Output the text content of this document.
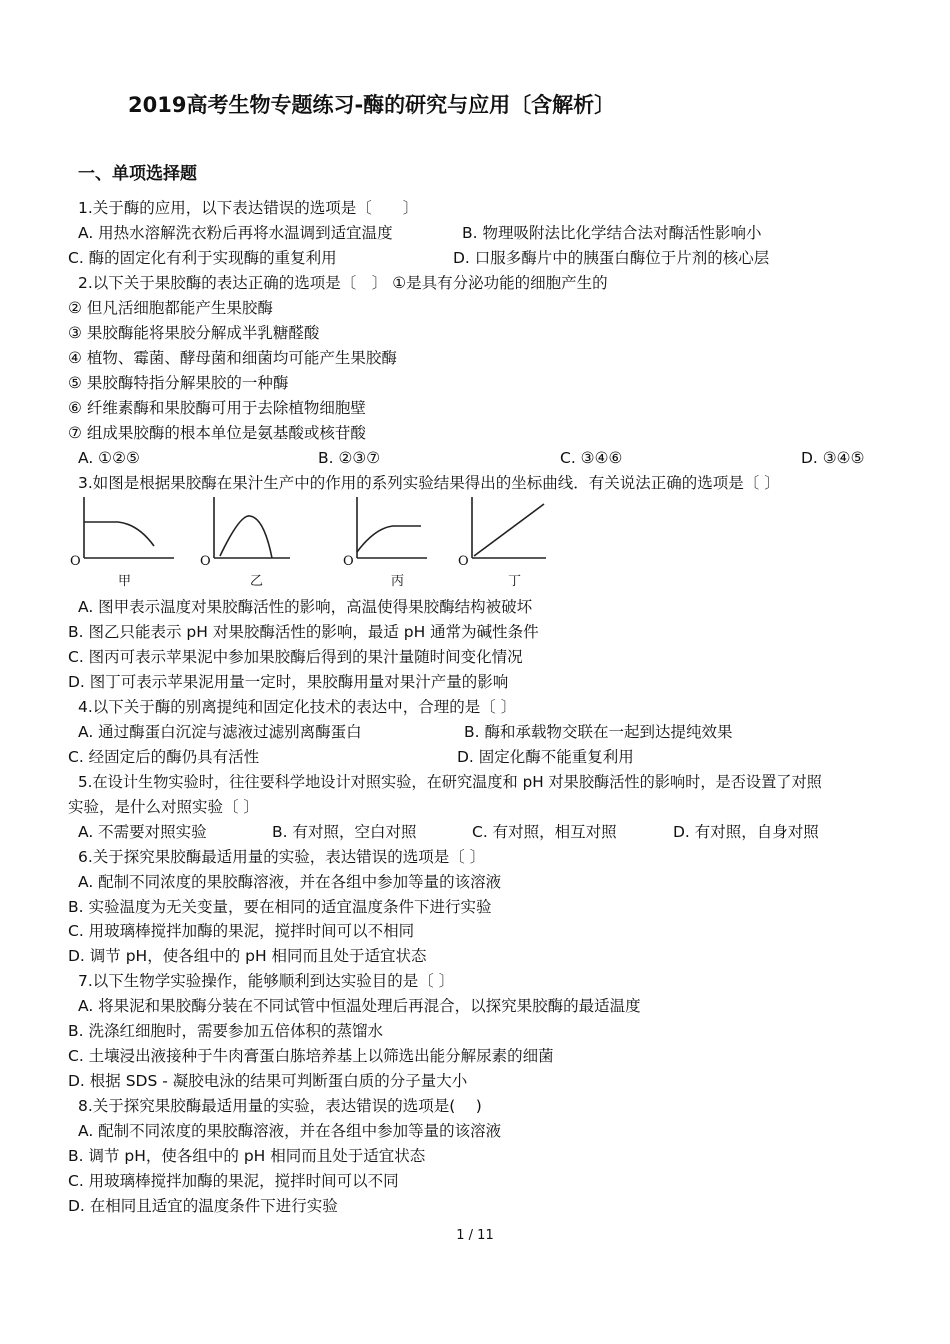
2019高考生物专题练习-酶的研究与应用〔含解析〕
一、单项选择题
1.关于酶的应用，以下表达错误的选项是〔　　〕
A. 用热水溶解洗衣粉后再将水温调到适宜温度	B. 物理吸附法比化学结合法对酶活性影响小
C. 酶的固定化有利于实现酶的重复利用	D. 口服多酶片中的胰蛋白酶位于片剂的核心层
2.以下关于果胶酶的表达正确的选项是〔　〕 ①是具有分泌功能的细胞产生的
② 但凡活细胞都能产生果胶酶
③ 果胶酶能将果胶分解成半乳糖醛酸
④ 植物、霉菌、酵母菌和细菌均可能产生果胶酶
⑤ 果胶酶特指分解果胶的一种酶
⑥ 纤维素酶和果胶酶可用于去除植物细胞壁
⑦ 组成果胶酶的根本单位是氨基酸或核苷酸
A. ①②⑤	B. ②③⑦	C. ③④⑥	D. ③④⑤
3.如图是根据果胶酶在果汁生产中的作用的系列实验结果得出的坐标曲线．有关说法正确的选项是〔 〕
O
甲
O
乙
O
丙
O
丁
A. 图甲表示温度对果胶酶活性的影响，高温使得果胶酶结构被破坏
B. 图乙只能表示 pH 对果胶酶活性的影响，最适 pH 通常为碱性条件
C. 图丙可表示苹果泥中参加果胶酶后得到的果汁量随时间变化情况
D. 图丁可表示苹果泥用量一定时，果胶酶用量对果汁产量的影响
4.以下关于酶的别离提纯和固定化技术的表达中，合理的是〔 〕
A. 通过酶蛋白沉淀与滤液过滤别离酶蛋白	B. 酶和承载物交联在一起到达提纯效果
C. 经固定后的酶仍具有活性	D. 固定化酶不能重复利用
5.在设计生物实验时，往往要科学地设计对照实验，在研究温度和 pH 对果胶酶活性的影响时，是否设置了对照
实验，是什么对照实验〔 〕
A. 不需要对照实验	B. 有对照，空白对照	C. 有对照，相互对照	D. 有对照，自身对照
6.关于探究果胶酶最适用量的实验，表达错误的选项是〔 〕
A. 配制不同浓度的果胶酶溶液，并在各组中参加等量的该溶液
B. 实验温度为无关变量，要在相同的适宜温度条件下进行实验
C. 用玻璃棒搅拌加酶的果泥，搅拌时间可以不相同
D. 调节 pH，使各组中的 pH 相同而且处于适宜状态
7.以下生物学实验操作，能够顺利到达实验目的是〔 〕
A. 将果泥和果胶酶分装在不同试管中恒温处理后再混合，以探究果胶酶的最适温度
B. 洗涤红细胞时，需要参加五倍体积的蒸馏水
C. 土壤浸出液接种于牛肉膏蛋白胨培养基上以筛选出能分解尿素的细菌
D. 根据 SDS - 凝胶电泳的结果可判断蛋白质的分子量大小
8.关于探究果胶酶最适用量的实验，表达错误的选项是(　 )
A. 配制不同浓度的果胶酶溶液，并在各组中参加等量的该溶液
B. 调节 pH，使各组中的 pH 相同而且处于适宜状态
C. 用玻璃棒搅拌加酶的果泥，搅拌时间可以不同
D. 在相同且适宜的温度条件下进行实验
1 / 11
